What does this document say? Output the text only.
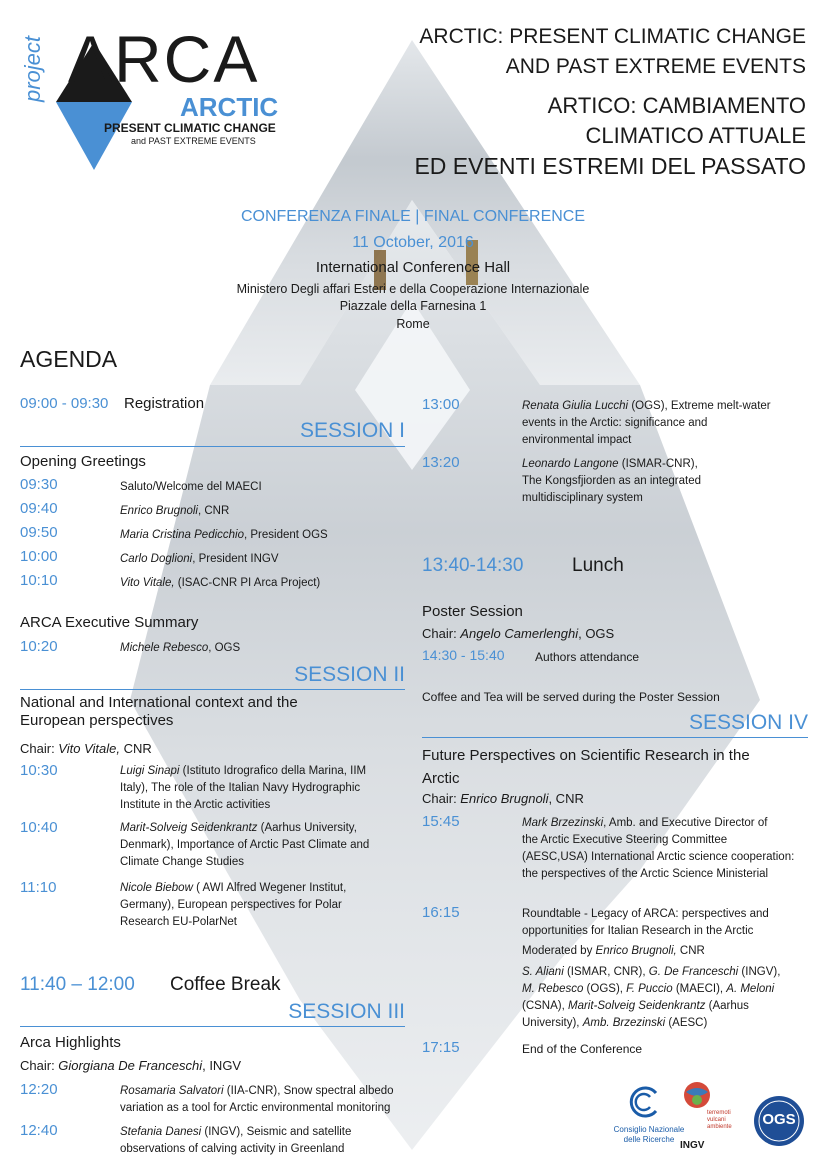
project ARCA
ARCTIC
PRESENT CLIMATIC CHANGE
and PAST EXTREME EVENTS
ARCTIC: PRESENT CLIMATIC CHANGE
AND PAST EXTREME EVENTS
ARTICO: CAMBIAMENTO
CLIMATICO ATTUALE
ED EVENTI ESTREMI DEL PASSATO
CONFERENZA FINALE | FINAL CONFERENCE
11 October, 2016
International Conference Hall
Ministero Degli affari Esteri e della Cooperazione Internazionale
Piazzale della Farnesina 1
Rome
AGENDA
09:00 - 09:30 Registration
SESSION I
Opening Greetings
09:30	Saluto/Welcome del MAECI
09:40	Enrico Brugnoli, CNR
09:50	Maria Cristina Pedicchio, President OGS
10:00	Carlo Doglioni, President INGV
10:10	Vito Vitale, (ISAC-CNR PI Arca Project)
ARCA Executive Summary
10:20	Michele Rebesco, OGS
SESSION II
National and International context and the
European perspectives
Chair: Vito Vitale, CNR
10:30	Luigi Sinapi (Istituto Idrografico della Marina, IIM
Italy), The role of the Italian Navy Hydrographic
Institute in the Arctic activities
10:40	Marit-Solveig Seidenkrantz (Aarhus University,
Denmark), Importance of Arctic Past Climate and
Climate Change Studies
11:10	Nicole Biebow ( AWI Alfred Wegener Institut,
Germany), European perspectives for Polar
Research EU-PolarNet
11:40 – 12:00 Coffee Break
SESSION III
Arca Highlights
Chair: Giorgiana De Franceschi, INGV
12:20	Rosamaria Salvatori (IIA-CNR), Snow spectral albedo
variation as a tool for Arctic environmental monitoring
12:40	Stefania Danesi (INGV), Seismic and satellite
observations of calving activity in Greenland
13:00	Renata Giulia Lucchi (OGS), Extreme melt-water
events in the Arctic: significance and
environmental impact
13:20	Leonardo Langone (ISMAR-CNR),
The Kongsfjiorden as an integrated
multidisciplinary system
13:40-14:30	Lunch
Poster Session
Chair: Angelo Camerlenghi, OGS
14:30 - 15:40	Authors attendance
Coffee and Tea will be served during the Poster Session
SESSION IV
Future Perspectives on Scientific Research in the
Arctic
Chair: Enrico Brugnoli, CNR
15:45	Mark Brzezinski, Amb. and Executive Director of
the Arctic Executive Steering Committee
(AESC,USA) International Arctic science cooperation:
the perspectives of the Arctic Science Ministerial
16:15	Roundtable - Legacy of ARCA: perspectives and
opportunities for Italian Research in the Arctic
Moderated by Enrico Brugnoli, CNR
S. Aliani (ISMAR, CNR), G. De Franceschi (INGV),
M. Rebesco (OGS), F. Puccio (MAECI), A. Meloni
(CSNA), Marit-Solveig Seidenkrantz (Aarhus
University), Amb. Brzezinski (AESC)
17:15	End of the Conference
Consiglio Nazionale
delle Ricerche
INGV
terremoti
vulcani
ambiente	OGS
